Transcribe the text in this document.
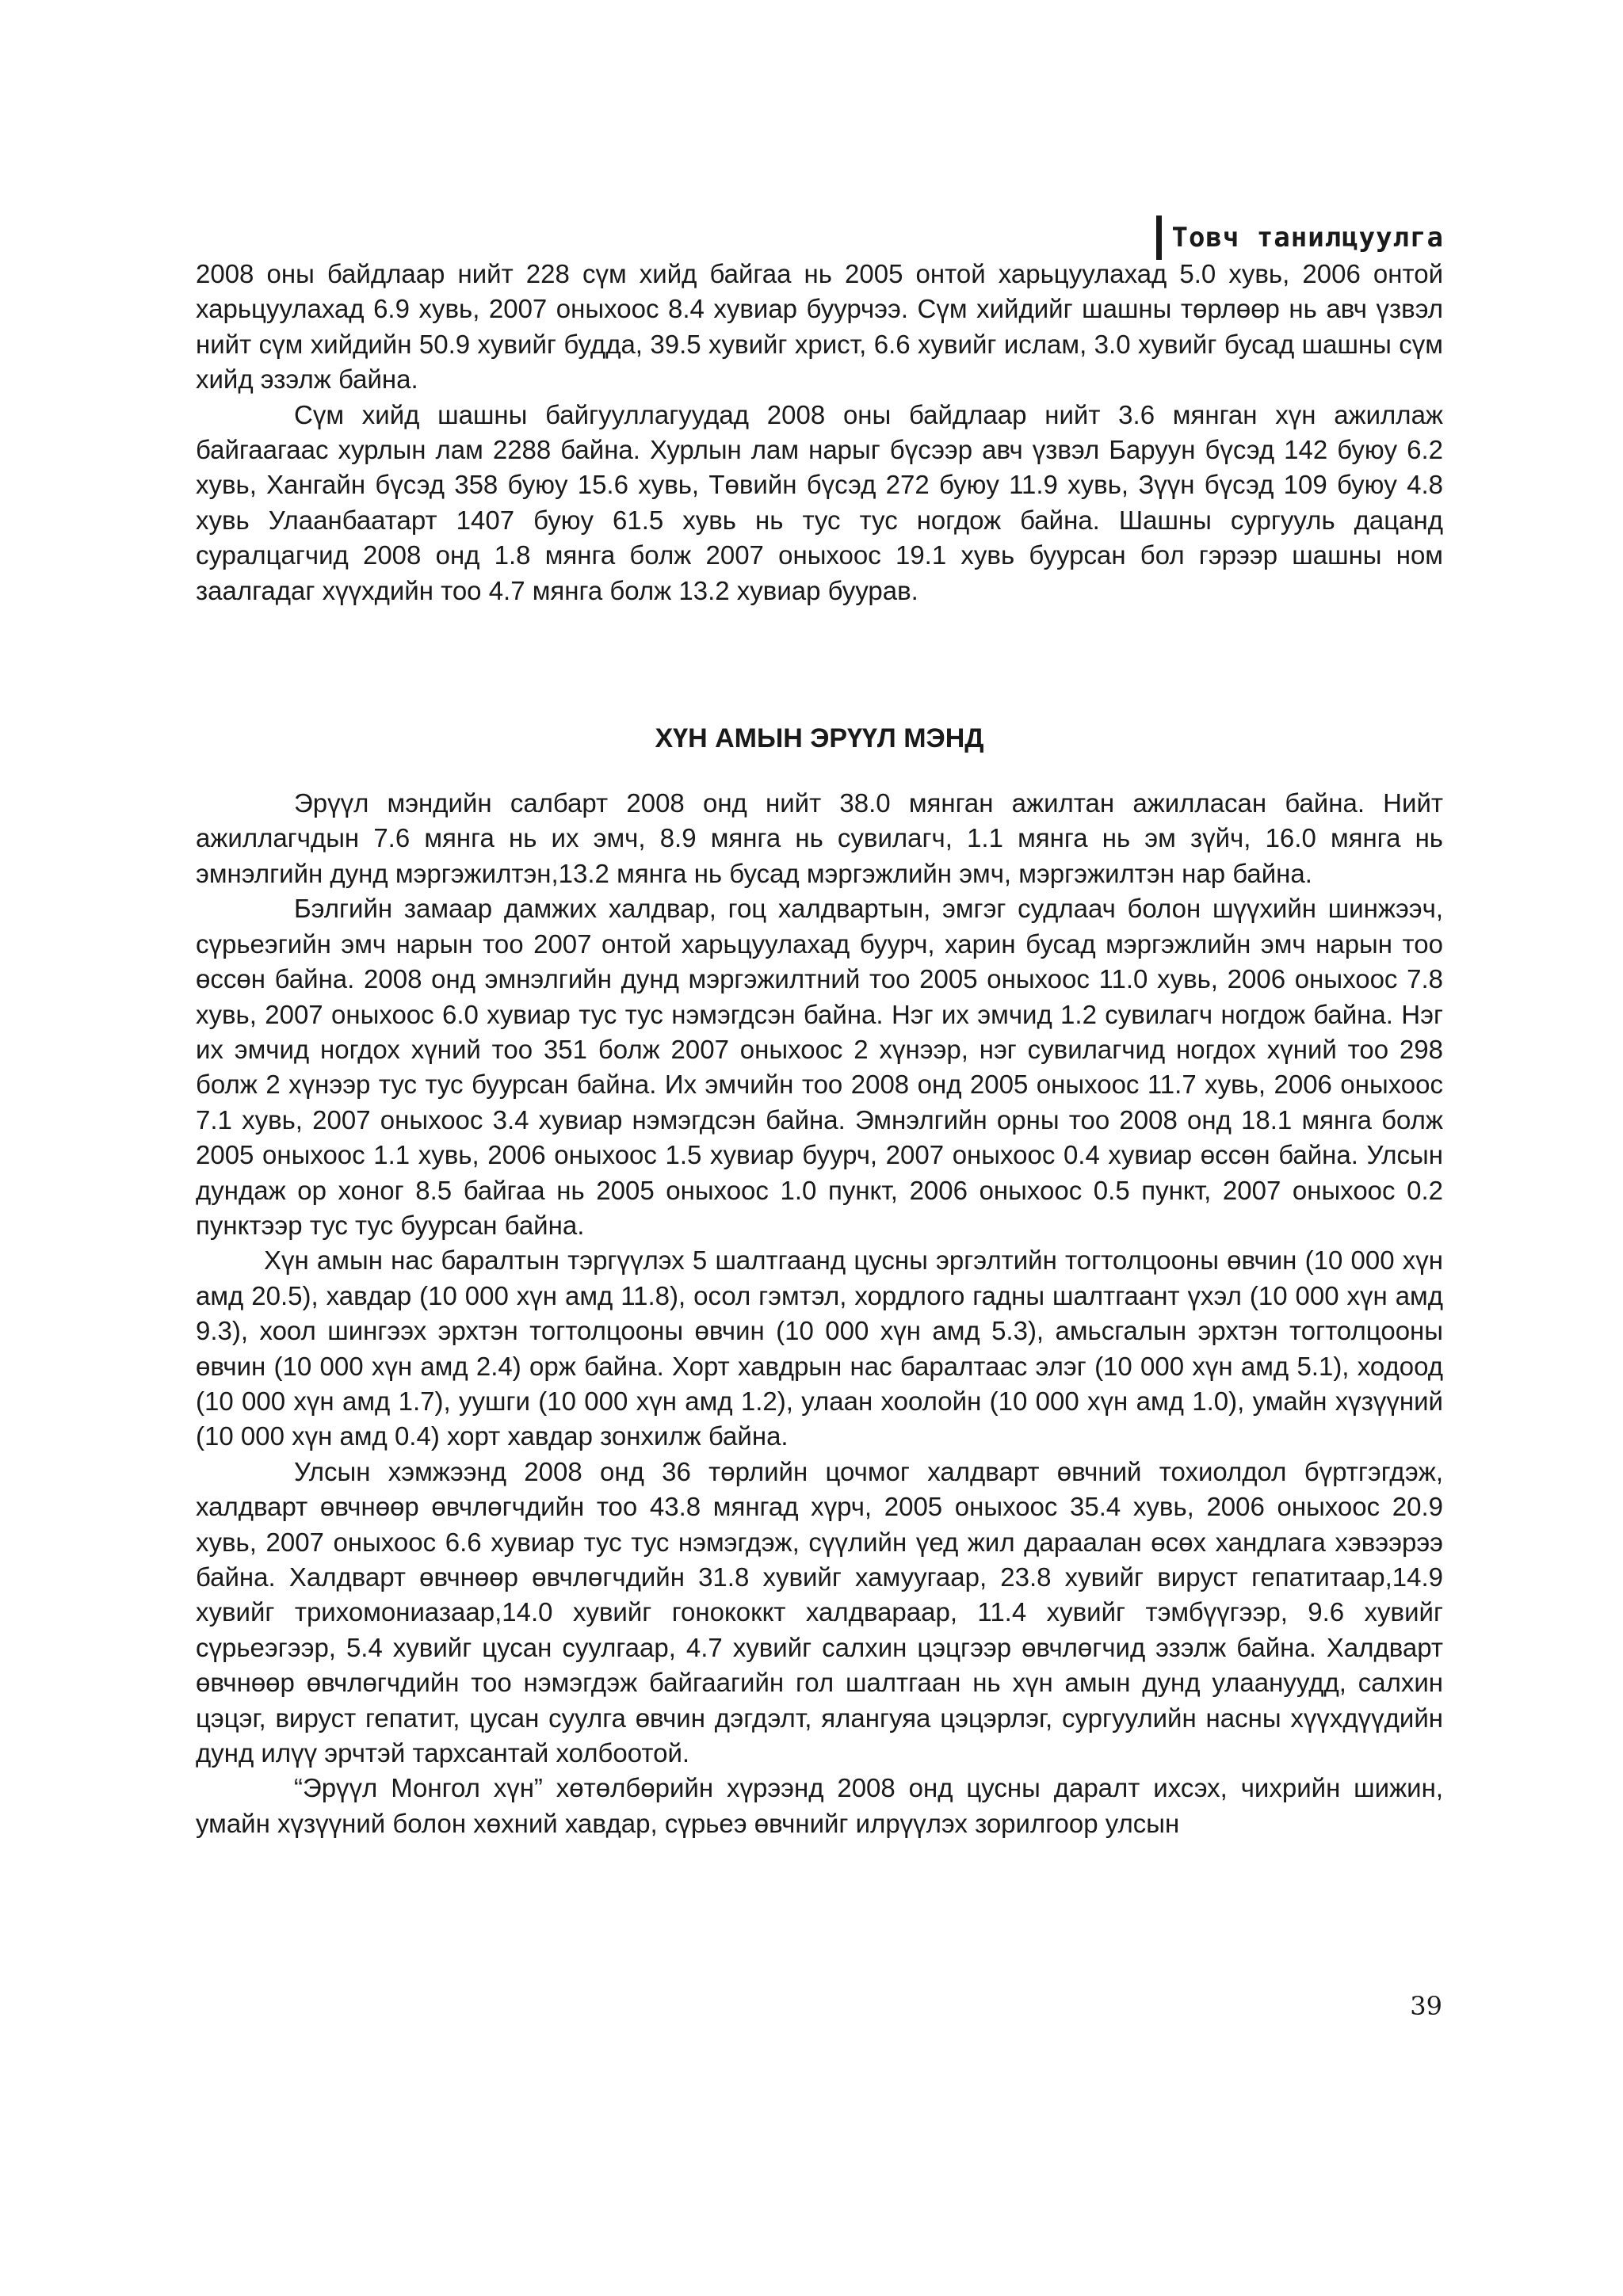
Товч танилцуулга

2008 оны байдлаар нийт 228 сүм хийд байгаа нь 2005 онтой харьцуулахад 5.0 хувь, 2006 онтой харьцуулахад 6.9 хувь, 2007 оныхоос 8.4 хувиар буурчээ. Сүм хийдийг шашны төрлөөр нь авч үзвэл нийт сүм хийдийн 50.9 хувийг будда, 39.5 хувийг христ, 6.6 хувийг ислам, 3.0 хувийг бусад шашны сүм хийд эзэлж байна.

Сүм хийд шашны байгууллагуудад 2008 оны байдлаар нийт 3.6 мянган хүн ажиллаж байгаагаас хурлын лам 2288 байна. Хурлын лам нарыг бүсээр авч үзвэл Баруун бүсэд 142 буюу 6.2 хувь, Хангайн бүсэд 358 буюу 15.6 хувь, Төвийн бүсэд 272 буюу 11.9 хувь, Зүүн бүсэд 109 буюу 4.8 хувь Улаанбаатарт 1407 буюу 61.5 хувь нь тус тус ногдож байна. Шашны сургууль дацанд суралцагчид 2008 онд 1.8 мянга болж 2007 оныхоос 19.1 хувь буурсан бол гэрээр шашны ном заалгадаг хүүхдийн тоо 4.7 мянга болж 13.2 хувиар буурав.

ХҮН АМЫН ЭРҮҮЛ МЭНД

Эрүүл мэндийн салбарт 2008 онд нийт 38.0 мянган ажилтан ажилласан байна. Нийт ажиллагчдын 7.6 мянга нь их эмч, 8.9 мянга нь сувилагч, 1.1 мянга нь эм зүйч, 16.0 мянга нь эмнэлгийн дунд мэргэжилтэн,13.2 мянга нь бусад мэргэжлийн эмч, мэргэжилтэн нар байна.

Бэлгийн замаар дамжих халдвар, гоц халдвартын, эмгэг судлаач болон шүүхийн шинжээч, сүрьеэгийн эмч нарын тоо 2007 онтой харьцуулахад буурч, харин бусад мэргэжлийн эмч нарын тоо өссөн байна. 2008 онд эмнэлгийн дунд мэргэжилтний тоо 2005 оныхоос 11.0 хувь, 2006 оныхоос 7.8 хувь, 2007 оныхоос 6.0 хувиар тус тус нэмэгдсэн байна. Нэг их эмчид 1.2 сувилагч ногдож байна. Нэг их эмчид ногдох хүний тоо 351 болж 2007 оныхоос 2 хүнээр, нэг сувилагчид ногдох хүний тоо 298 болж 2 хүнээр тус тус буурсан байна. Их эмчийн тоо 2008 онд 2005 оныхоос 11.7 хувь, 2006 оныхоос 7.1 хувь, 2007 оныхоос 3.4 хувиар нэмэгдсэн байна. Эмнэлгийн орны тоо 2008 онд 18.1 мянга болж 2005 оныхоос 1.1 хувь, 2006 оныхоос 1.5 хувиар буурч, 2007 оныхоос 0.4 хувиар өссөн байна. Улсын дундаж ор хоног 8.5 байгаа нь 2005 оныхоос 1.0 пункт, 2006 оныхоос 0.5 пункт, 2007 оныхоос 0.2 пунктээр тус тус буурсан байна.

Хүн амын нас баралтын тэргүүлэх 5 шалтгаанд цусны эргэлтийн тогтолцооны өвчин (10 000 хүн амд 20.5), хавдар (10 000 хүн амд 11.8), осол гэмтэл, хордлого гадны шалтгаант үхэл (10 000 хүн амд 9.3), хоол шингээх эрхтэн тогтолцооны өвчин (10 000 хүн амд 5.3), амьсгалын эрхтэн тогтолцооны өвчин (10 000 хүн амд 2.4) орж байна. Хорт хавдрын нас баралтаас элэг (10 000 хүн амд 5.1), ходоод (10 000 хүн амд 1.7), уушги (10 000 хүн амд 1.2), улаан хоолойн (10 000 хүн амд 1.0), умайн хүзүүний (10 000 хүн амд 0.4) хорт хавдар зонхилж байна.

Улсын хэмжээнд 2008 онд 36 төрлийн цочмог халдварт өвчний тохиолдол бүртгэгдэж, халдварт өвчнөөр өвчлөгчдийн тоо 43.8 мянгад хүрч, 2005 оныхоос 35.4 хувь, 2006 оныхоос 20.9 хувь, 2007 оныхоос 6.6 хувиар тус тус нэмэгдэж, сүүлийн үед жил дараалан өсөх хандлага хэвээрээ байна. Халдварт өвчнөөр өвчлөгчдийн 31.8 хувийг хамуугаар, 23.8 хувийг вируст гепатитаар,14.9 хувийг трихомониазаар,14.0 хувийг гонококкт халдвараар, 11.4 хувийг тэмбүүгээр, 9.6 хувийг сүрьеэгээр, 5.4 хувийг цусан суулгаар, 4.7 хувийг салхин цэцгээр өвчлөгчид эзэлж байна. Халдварт өвчнөөр өвчлөгчдийн тоо нэмэгдэж байгаагийн гол шалтгаан нь хүн амын дунд улаануудд, салхин цэцэг, вируст гепатит, цусан суулга өвчин дэгдэлт, ялангуяа цэцэрлэг, сургуулийн насны хүүхдүүдийн дунд илүү эрчтэй тархсантай холбоотой.

“Эрүүл Монгол хүн” хөтөлбөрийн хүрээнд 2008 онд цусны даралт ихсэх, чихрийн шижин, умайн хүзүүний болон хөхний хавдар, сүрьеэ өвчнийг илрүүлэх зорилгоор улсын

39
